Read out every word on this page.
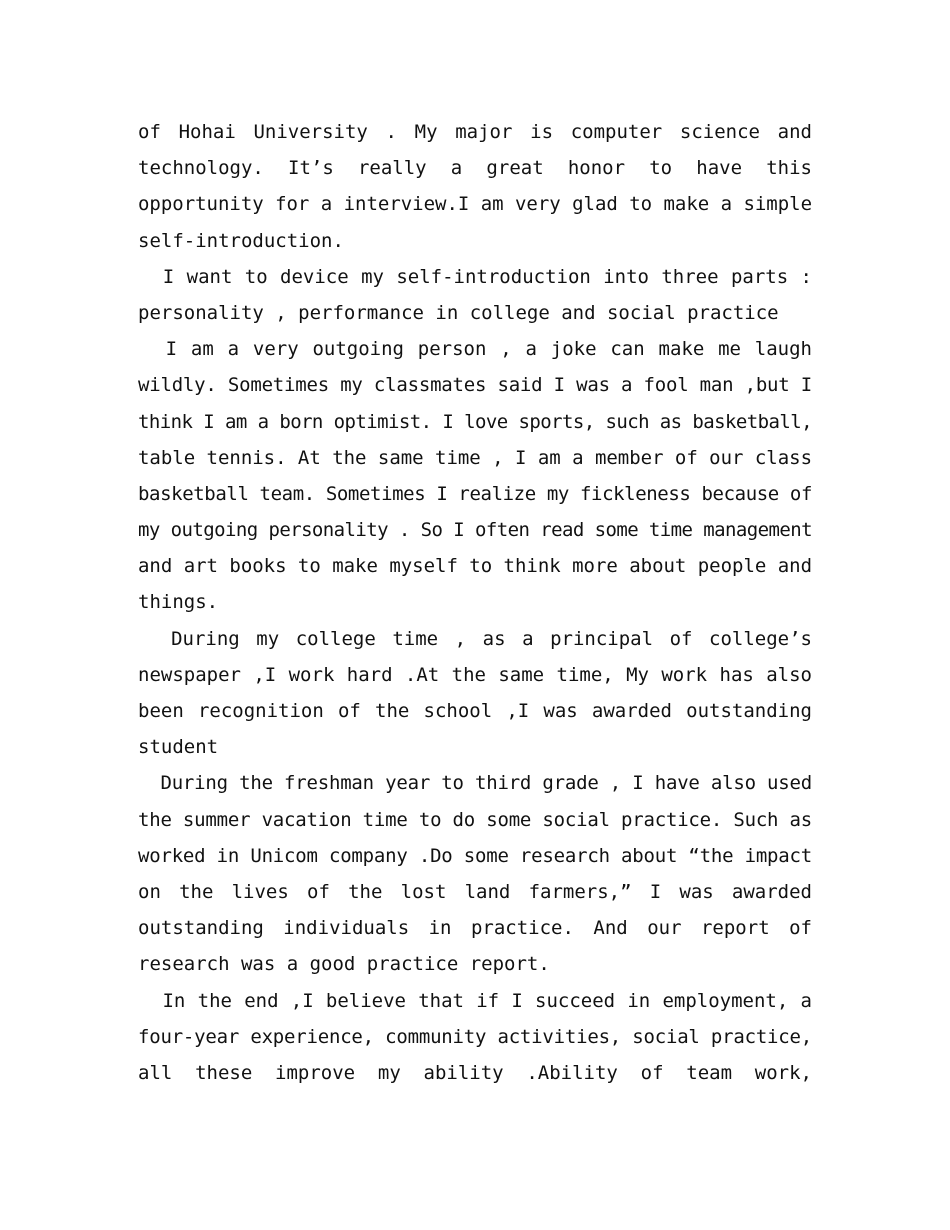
of Hohai University . My major is computer science and
technology. It’s really a great honor to have this
opportunity for a interview.I am very glad to make a simple
self-introduction.
I want to device my self-introduction into three parts :
personality , performance in college and social practice
I am a very outgoing person , a joke can make me laugh
wildly. Sometimes my classmates said I was a fool man ,but I
think I am a born optimist. I love sports, such as basketball,
table tennis. At the same time , I am a member of our class
basketball team. Sometimes I realize my fickleness because of
my outgoing personality . So I often read some time management
and art books to make myself to think more about people and
things.
During my college time , as a principal of college’s
newspaper ,I work hard .At the same time, My work has also
been recognition of the school ,I was awarded outstanding
student
During the freshman year to third grade , I have also used
the summer vacation time to do some social practice. Such as
worked in Unicom company .Do some research about “the impact
on the lives of the lost land farmers,” I was awarded
outstanding individuals in practice. And our report of
research was a good practice report.
In the end ,I believe that if I succeed in employment, a
four-year experience, community activities, social practice,
all these improve my ability .Ability of team work,
